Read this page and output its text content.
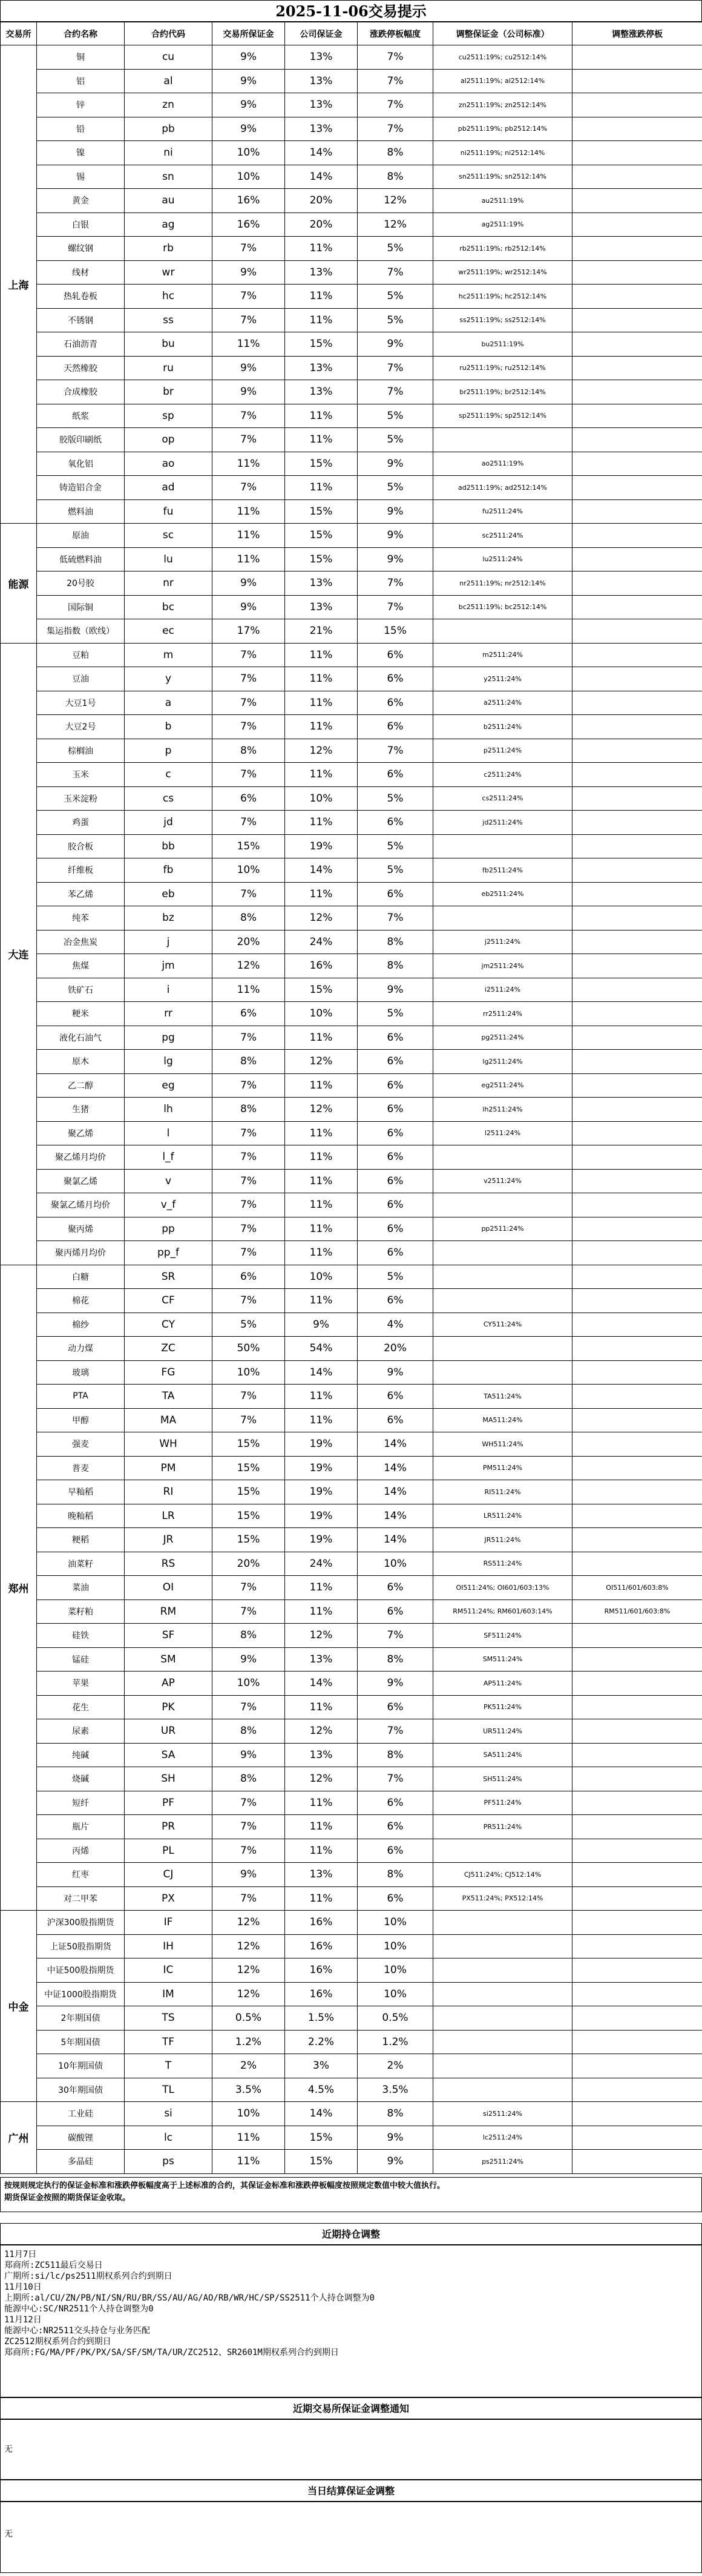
2025-11-06交易提示
交易所	合约名称	合约代码	交易所保证金	公司保证金	涨跌停板幅度	调整保证金（公司标准）	调整涨跌停板
上海	铜	cu	9%	13%	7%	cu2511:19%; cu2512:14%	
	铝	al	9%	13%	7%	al2511:19%; al2512:14%	
	锌	zn	9%	13%	7%	zn2511:19%; zn2512:14%	
	铅	pb	9%	13%	7%	pb2511:19%; pb2512:14%	
	镍	ni	10%	14%	8%	ni2511:19%; ni2512:14%	
	锡	sn	10%	14%	8%	sn2511:19%; sn2512:14%	
	黄金	au	16%	20%	12%	au2511:19%	
	白银	ag	16%	20%	12%	ag2511:19%	
	螺纹钢	rb	7%	11%	5%	rb2511:19%; rb2512:14%	
	线材	wr	9%	13%	7%	wr2511:19%; wr2512:14%	
	热轧卷板	hc	7%	11%	5%	hc2511:19%; hc2512:14%	
	不锈钢	ss	7%	11%	5%	ss2511:19%; ss2512:14%	
	石油沥青	bu	11%	15%	9%	bu2511:19%	
	天然橡胶	ru	9%	13%	7%	ru2511:19%; ru2512:14%	
	合成橡胶	br	9%	13%	7%	br2511:19%; br2512:14%	
	纸浆	sp	7%	11%	5%	sp2511:19%; sp2512:14%	
	胶版印刷纸	op	7%	11%	5%		
	氧化铝	ao	11%	15%	9%	ao2511:19%	
	铸造铝合金	ad	7%	11%	5%	ad2511:19%; ad2512:14%	
	燃料油	fu	11%	15%	9%	fu2511:24%	
能源	原油	sc	11%	15%	9%	sc2511:24%	
	低硫燃料油	lu	11%	15%	9%	lu2511:24%	
	20号胶	nr	9%	13%	7%	nr2511:19%; nr2512:14%	
	国际铜	bc	9%	13%	7%	bc2511:19%; bc2512:14%	
	集运指数（欧线）	ec	17%	21%	15%		
大连	豆粕	m	7%	11%	6%	m2511:24%	
	豆油	y	7%	11%	6%	y2511:24%	
	大豆1号	a	7%	11%	6%	a2511:24%	
	大豆2号	b	7%	11%	6%	b2511:24%	
	棕榈油	p	8%	12%	7%	p2511:24%	
	玉米	c	7%	11%	6%	c2511:24%	
	玉米淀粉	cs	6%	10%	5%	cs2511:24%	
	鸡蛋	jd	7%	11%	6%	jd2511:24%	
	胶合板	bb	15%	19%	5%		
	纤维板	fb	10%	14%	5%	fb2511:24%	
	苯乙烯	eb	7%	11%	6%	eb2511:24%	
	纯苯	bz	8%	12%	7%		
	冶金焦炭	j	20%	24%	8%	j2511:24%	
	焦煤	jm	12%	16%	8%	jm2511:24%	
	铁矿石	i	11%	15%	9%	i2511:24%	
	粳米	rr	6%	10%	5%	rr2511:24%	
	液化石油气	pg	7%	11%	6%	pg2511:24%	
	原木	lg	8%	12%	6%	lg2511:24%	
	乙二醇	eg	7%	11%	6%	eg2511:24%	
	生猪	lh	8%	12%	6%	lh2511:24%	
	聚乙烯	l	7%	11%	6%	l2511:24%	
	聚乙烯月均价	l_f	7%	11%	6%		
	聚氯乙烯	v	7%	11%	6%	v2511:24%	
	聚氯乙烯月均价	v_f	7%	11%	6%		
	聚丙烯	pp	7%	11%	6%	pp2511:24%	
	聚丙烯月均价	pp_f	7%	11%	6%		
郑州	白糖	SR	6%	10%	5%		
	棉花	CF	7%	11%	6%		
	棉纱	CY	5%	9%	4%	CY511:24%	
	动力煤	ZC	50%	54%	20%		
	玻璃	FG	10%	14%	9%		
	PTA	TA	7%	11%	6%	TA511:24%	
	甲醇	MA	7%	11%	6%	MA511:24%	
	强麦	WH	15%	19%	14%	WH511:24%	
	普麦	PM	15%	19%	14%	PM511:24%	
	早籼稻	RI	15%	19%	14%	RI511:24%	
	晚籼稻	LR	15%	19%	14%	LR511:24%	
	粳稻	JR	15%	19%	14%	JR511:24%	
	油菜籽	RS	20%	24%	10%	RS511:24%	
	菜油	OI	7%	11%	6%	OI511:24%; OI601/603:13%	OI511/601/603:8%
	菜籽粕	RM	7%	11%	6%	RM511:24%; RM601/603:14%	RM511/601/603:8%
	硅铁	SF	8%	12%	7%	SF511:24%	
	锰硅	SM	9%	13%	8%	SM511:24%	
	苹果	AP	10%	14%	9%	AP511:24%	
	花生	PK	7%	11%	6%	PK511:24%	
	尿素	UR	8%	12%	7%	UR511:24%	
	纯碱	SA	9%	13%	8%	SA511:24%	
	烧碱	SH	8%	12%	7%	SH511:24%	
	短纤	PF	7%	11%	6%	PF511:24%	
	瓶片	PR	7%	11%	6%	PR511:24%	
	丙烯	PL	7%	11%	6%		
	红枣	CJ	9%	13%	8%	CJ511:24%; CJ512:14%	
	对二甲苯	PX	7%	11%	6%	PX511:24%; PX512:14%	
中金	沪深300股指期货	IF	12%	16%	10%		
	上证50股指期货	IH	12%	16%	10%		
	中证500股指期货	IC	12%	16%	10%		
	中证1000股指期货	IM	12%	16%	10%		
	2年期国债	TS	0.5%	1.5%	0.5%		
	5年期国债	TF	1.2%	2.2%	1.2%		
	10年期国债	T	2%	3%	2%		
	30年期国债	TL	3.5%	4.5%	3.5%		
广州	工业硅	si	10%	14%	8%	si2511:24%	
	碳酸锂	lc	11%	15%	9%	lc2511:24%	
	多晶硅	ps	11%	15%	9%	ps2511:24%	
按规则规定执行的保证金标准和涨跌停板幅度高于上述标准的合约，其保证金标准和涨跌停板幅度按照规定数值中较大值执行。
期货保证金按照的期货保证金收取。
近期持仓调整
11月7日
郑商所:ZC511最后交易日
广期所:si/lc/ps2511期权系列合约到期日
11月10日
上期所:al/CU/ZN/PB/NI/SN/RU/BR/SS/AU/AG/AO/RB/WR/HC/SP/SS2511个人持仓调整为0
能源中心:SC/NR2511个人持仓调整为0
11月12日
能源中心:NR2511交头持仓与业务匹配
ZC2512期权系列合约到期日
郑商所:FG/MA/PF/PK/PX/SA/SF/SM/TA/UR/ZC2512、SR2601M期权系列合约到期日
近期交易所保证金调整通知
无
当日结算保证金调整
无
